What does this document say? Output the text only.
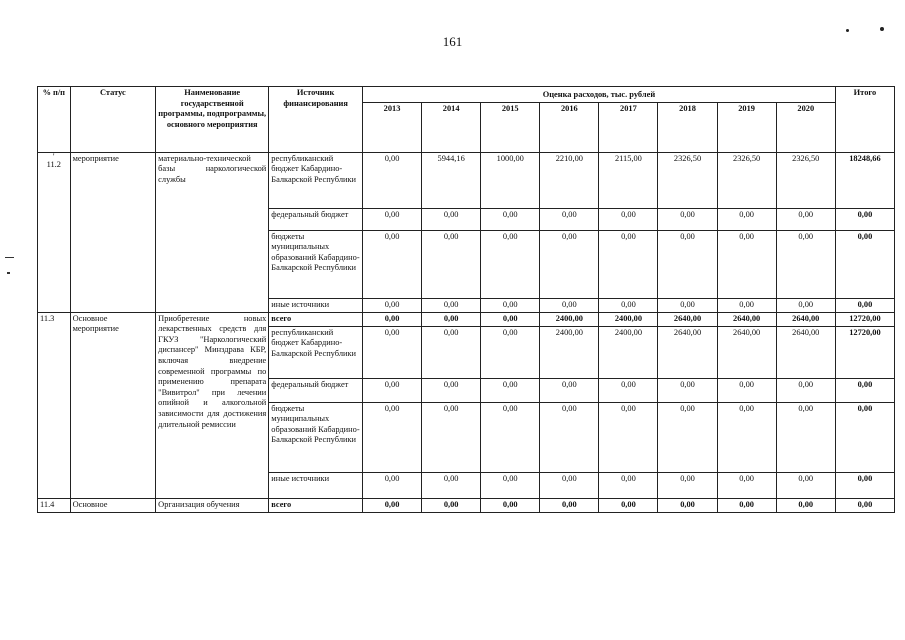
161
% п/п	Статус	Наименование государственной программы, подпрограммы, основного мероприятия	Источник финансирования	Оценка расходов, тыс. рублей								Итого
				2013	2014	2015	2016	2017	2018	2019	2020	

'
11.2	мероприятие	материально-технической базы наркологической службы	республиканский бюджет Кабардино-Балкарской Республики	0,00	5944,16	1000,00	2210,00	2115,00	2326,50	2326,50	2326,50	18248,66
			федеральный бюджет	0,00	0,00	0,00	0,00	0,00	0,00	0,00	0,00	0,00
			бюджеты муниципальных образований Кабардино-Балкарской Республики	0,00	0,00	0,00	0,00	0,00	0,00	0,00	0,00	0,00
			иные источники	0,00	0,00	0,00	0,00	0,00	0,00	0,00	0,00	0,00

11.3	Основное мероприятие	Приобретение новых лекарственных средств для ГКУЗ "Наркологический диспансер" Минздрава КБР, включая внедрение современной программы по применению препарата "Вивитрол" при лечении опийной и алкогольной зависимости для достижения длительной ремиссии	всего	0,00	0,00	0,00	2400,00	2400,00	2640,00	2640,00	2640,00	12720,00
			республиканский бюджет Кабардино-Балкарской Республики	0,00	0,00	0,00	2400,00	2400,00	2640,00	2640,00	2640,00	12720,00
			федеральный бюджет	0,00	0,00	0,00	0,00	0,00	0,00	0,00	0,00	0,00
			бюджеты муниципальных образований Кабардино-Балкарской Республики	0,00	0,00	0,00	0,00	0,00	0,00	0,00	0,00	0,00
			иные источники	0,00	0,00	0,00	0,00	0,00	0,00	0,00	0,00	0,00

11.4	Основное	Организация обучения	всего	0,00	0,00	0,00	0,00	0,00	0,00	0,00	0,00	0,00
